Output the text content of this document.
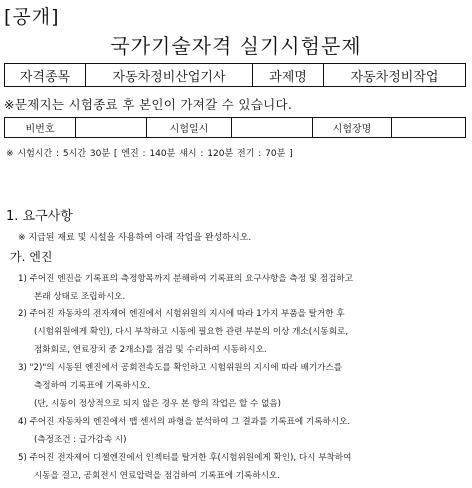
[공개]
국가기술자격 실기시험문제
자격종목	자동차정비산업기사	과제명	자동차정비작업
※문제지는 시험종료 후 본인이 가져갈 수 있습니다.
비번호		시험일시		시험장명	
※ 시험시간 : 5시간 30분 [ 엔진 : 140분 섀시 : 120분 전기 : 70분 ]
1. 요구사항
※ 지급된 재료 및 시설을 사용하여 아래 작업을 완성하시오.
가. 엔진
1) 주어진 엔진을 기록표의 측정항목까지 분해하여 기록표의 요구사항을 측정 및 점검하고
본래 상태로 조립하시오.
2) 주어진 자동차의 전자제어 엔진에서 시험위원의 지시에 따라 1가지 부품을 탈거한 후
(시험위원에게 확인), 다시 부착하고 시동에 필요한 관련 부분의 이상 개소(시동회로,
점화회로, 연료장치 중 2개소)를 점검 및 수리하여 시동하시오.
3) "2)"의 시동된 엔진에서 공회전속도를 확인하고 시험위원의 지시에 따라 배기가스를
측정하여 기록표에 기록하시오.
(단, 시동이 정상적으로 되지 않은 경우 본 항의 작업은 할 수 없음)
4) 주어진 자동차의 엔진에서 맵 센서의 파형을 분석하여 그 결과를 기록표에 기록하시오.
(측정조건 : 급가감속 시)
5) 주어진 전자제어 디젤엔진에서 인젝터를 탈거한 후(시험위원에게 확인), 다시 부착하여
시동을 걸고, 공회전시 연료압력을 점검하여 기록표에 기록하시오.
